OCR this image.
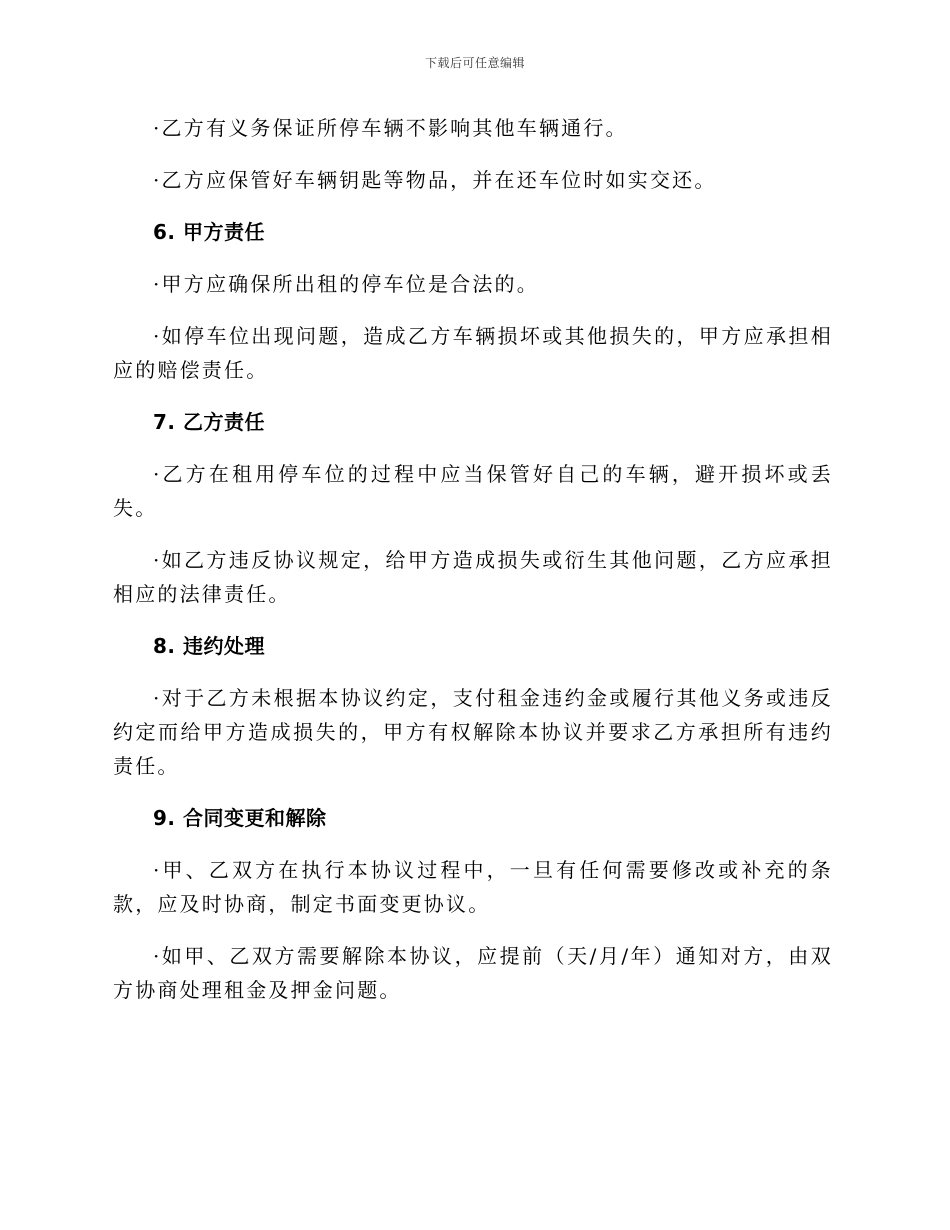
下载后可任意编辑

·乙方有义务保证所停车辆不影响其他车辆通行。

·乙方应保管好车辆钥匙等物品，并在还车位时如实交还。

6. 甲方责任

·甲方应确保所出租的停车位是合法的。

·如停车位出现问题，造成乙方车辆损坏或其他损失的，甲方应承担相应的赔偿责任。

7. 乙方责任

·乙方在租用停车位的过程中应当保管好自己的车辆，避开损坏或丢失。

·如乙方违反协议规定，给甲方造成损失或衍生其他问题，乙方应承担相应的法律责任。

8. 违约处理

·对于乙方未根据本协议约定，支付租金违约金或履行其他义务或违反约定而给甲方造成损失的，甲方有权解除本协议并要求乙方承担所有违约责任。

9. 合同变更和解除

·甲、乙双方在执行本协议过程中，一旦有任何需要修改或补充的条款，应及时协商，制定书面变更协议。

·如甲、乙双方需要解除本协议，应提前（天/月/年）通知对方，由双方协商处理租金及押金问题。
